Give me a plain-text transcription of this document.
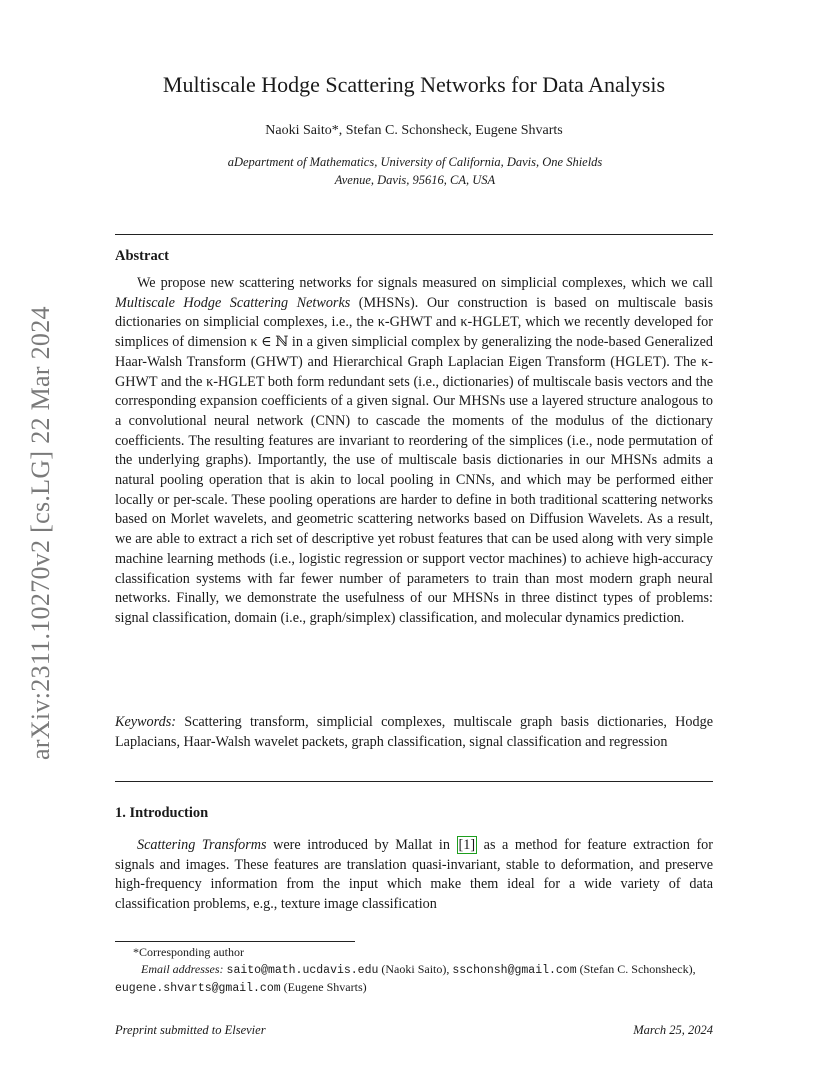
arXiv:2311.10270v2 [cs.LG] 22 Mar 2024
Multiscale Hodge Scattering Networks for Data Analysis
Naoki Saito*, Stefan C. Schonsheck, Eugene Shvarts
aDepartment of Mathematics, University of California, Davis, One Shields
Avenue, Davis, 95616, CA, USA
Abstract
We propose new scattering networks for signals measured on simplicial complexes, which we call Multiscale Hodge Scattering Networks (MHSNs). Our construction is based on multiscale basis dictionaries on simplicial complexes, i.e., the κ-GHWT and κ-HGLET, which we recently developed for simplices of dimension κ ∈ ℕ in a given simplicial complex by generalizing the node-based Generalized Haar-Walsh Transform (GHWT) and Hierarchical Graph Laplacian Eigen Transform (HGLET). The κ-GHWT and the κ-HGLET both form redundant sets (i.e., dictionaries) of multiscale basis vectors and the corresponding expansion coefficients of a given signal. Our MHSNs use a layered structure analogous to a convolutional neural network (CNN) to cascade the moments of the modulus of the dictionary coefficients. The resulting features are invariant to reordering of the simplices (i.e., node permutation of the underlying graphs). Importantly, the use of multiscale basis dictionaries in our MHSNs admits a natural pooling operation that is akin to local pooling in CNNs, and which may be performed either locally or per-scale. These pooling operations are harder to define in both traditional scattering networks based on Morlet wavelets, and geometric scattering networks based on Diffusion Wavelets. As a result, we are able to extract a rich set of descriptive yet robust features that can be used along with very simple machine learning methods (i.e., logistic regression or support vector machines) to achieve high-accuracy classification systems with far fewer number of parameters to train than most modern graph neural networks. Finally, we demonstrate the usefulness of our MHSNs in three distinct types of problems: signal classification, domain (i.e., graph/simplex) classification, and molecular dynamics prediction.
Keywords: Scattering transform, simplicial complexes, multiscale graph basis dictionaries, Hodge Laplacians, Haar-Walsh wavelet packets, graph classification, signal classification and regression
1. Introduction
Scattering Transforms were introduced by Mallat in [1] as a method for feature extraction for signals and images. These features are translation quasi-invariant, stable to deformation, and preserve high-frequency information from the input which make them ideal for a wide variety of data classification problems, e.g., texture image classification
*Corresponding author
Email addresses: saito@math.ucdavis.edu (Naoki Saito), sschonsh@gmail.com (Stefan C. Schonsheck), eugene.shvarts@gmail.com (Eugene Shvarts)
Preprint submitted to Elsevier	March 25, 2024
